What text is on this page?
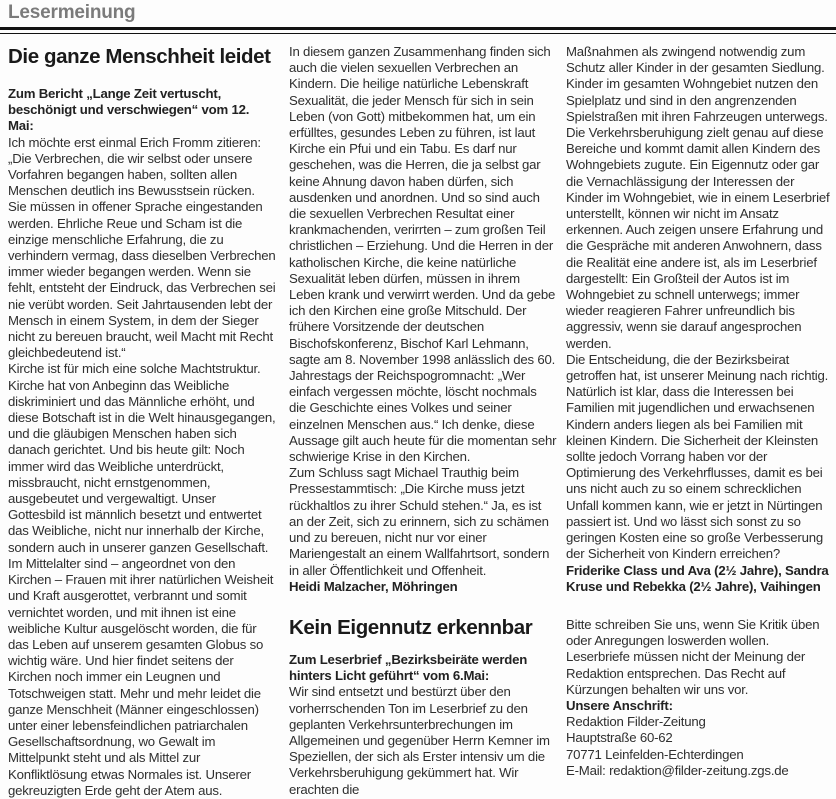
Lesermeinung
Die ganze Menschheit leidet

Zum Bericht „Lange Zeit vertuscht, beschönigt und verschwiegen“ vom 12. Mai:

Ich möchte erst einmal Erich Fromm zitieren: „Die Verbrechen, die wir selbst oder unsere Vorfahren begangen haben, sollten allen Menschen deutlich ins Bewusstsein rücken. Sie müssen in offener Sprache eingestanden werden. Ehrliche Reue und Scham ist die einzige menschliche Erfahrung, die zu verhindern vermag, dass dieselben Verbrechen immer wieder begangen werden. Wenn sie fehlt, entsteht der Eindruck, das Verbrechen sei nie verübt worden. Seit Jahrtausenden lebt der Mensch in einem System, in dem der Sieger nicht zu bereuen braucht, weil Macht mit Recht gleichbedeutend ist.“

Kirche ist für mich eine solche Machtstruktur. Kirche hat von Anbeginn das Weibliche diskriminiert und das Männliche erhöht, und diese Botschaft ist in die Welt hinausgegangen, und die gläubigen Menschen haben sich danach gerichtet. Und bis heute gilt: Noch immer wird das Weibliche unterdrückt, missbraucht, nicht ernstgenommen, ausgebeutet und vergewaltigt. Unser Gottesbild ist männlich besetzt und entwertet das Weibliche, nicht nur innerhalb der Kirche, sondern auch in unserer ganzen Gesellschaft.

Im Mittelalter sind – angeordnet von den Kirchen – Frauen mit ihrer natürlichen Weisheit und Kraft ausgerottet, verbrannt und somit vernichtet worden, und mit ihnen ist eine weibliche Kultur ausgelöscht worden, die für das Leben auf unserem gesamten Globus so wichtig wäre. Und hier findet seitens der Kirchen noch immer ein Leugnen und Totschweigen statt. Mehr und mehr leidet die ganze Menschheit (Männer eingeschlossen) unter einer lebensfeindlichen patriarchalen Gesellschaftsordnung, wo Gewalt im Mittelpunkt steht und als Mittel zur Konfliktlösung etwas Normales ist. Unserer gekreuzigten Erde geht der Atem aus.

In diesem ganzen Zusammenhang finden sich auch die vielen sexuellen Verbrechen an Kindern. Die heilige natürliche Lebenskraft Sexualität, die jeder Mensch für sich in sein Leben (von Gott) mitbekommen hat, um ein erfülltes, gesundes Leben zu führen, ist laut Kirche ein Pfui und ein Tabu. Es darf nur geschehen, was die Herren, die ja selbst gar keine Ahnung davon haben dürfen, sich ausdenken und anordnen. Und so sind auch die sexuellen Verbrechen Resultat einer krankmachenden, verirrten – zum großen Teil christlichen – Erziehung. Und die Herren in der katholischen Kirche, die keine natürliche Sexualität leben dürfen, müssen in ihrem Leben krank und verwirrt werden. Und da gebe ich den Kirchen eine große Mitschuld. Der frühere Vorsitzende der deutschen Bischofskonferenz, Bischof Karl Lehmann, sagte am 8. November 1998 anlässlich des 60. Jahrestags der Reichspogromnacht: „Wer einfach vergessen möchte, löscht nochmals die Geschichte eines Volkes und seiner einzelnen Menschen aus.“ Ich denke, diese Aussage gilt auch heute für die momentan sehr schwierige Krise in den Kirchen.

Zum Schluss sagt Michael Trauthig beim Pressestammtisch: „Die Kirche muss jetzt rückhaltlos zu ihrer Schuld stehen.“ Ja, es ist an der Zeit, sich zu erinnern, sich zu schämen und zu bereuen, nicht nur vor einer Mariengestalt an einem Wallfahrtsort, sondern in aller Öffentlichkeit und Offenheit.

Heidi Malzacher, Möhringen

Kein Eigennutz erkennbar

Zum Leserbrief „Bezirksbeiräte werden hinters Licht geführt“ vom 6.Mai:

Wir sind entsetzt und bestürzt über den vorherrschenden Ton im Leserbrief zu den geplanten Verkehrsunterbrechungen im Allgemeinen und gegenüber Herrn Kemner im Speziellen, der sich als Erster intensiv um die Verkehrsberuhigung gekümmert hat. Wir erachten die

Maßnahmen als zwingend notwendig zum Schutz aller Kinder in der gesamten Siedlung. Kinder im gesamten Wohngebiet nutzen den Spielplatz und sind in den angrenzenden Spielstraßen mit ihren Fahrzeugen unterwegs. Die Verkehrsberuhigung zielt genau auf diese Bereiche und kommt damit allen Kindern des Wohngebiets zugute. Ein Eigennutz oder gar die Vernachlässigung der Interessen der Kinder im Wohngebiet, wie in einem Leserbrief unterstellt, können wir nicht im Ansatz erkennen. Auch zeigen unsere Erfahrung und die Gespräche mit anderen Anwohnern, dass die Realität eine andere ist, als im Leserbrief dargestellt: Ein Großteil der Autos ist im Wohngebiet zu schnell unterwegs; immer wieder reagieren Fahrer unfreundlich bis aggressiv, wenn sie darauf angesprochen werden.

Die Entscheidung, die der Bezirksbeirat getroffen hat, ist unserer Meinung nach richtig. Natürlich ist klar, dass die Interessen bei Familien mit jugendlichen und erwachsenen Kindern anders liegen als bei Familien mit kleinen Kindern. Die Sicherheit der Kleinsten sollte jedoch Vorrang haben vor der Optimierung des Verkehrflusses, damit es bei uns nicht auch zu so einem schrecklichen Unfall kommen kann, wie er jetzt in Nürtingen passiert ist. Und wo lässt sich sonst zu so geringen Kosten eine so große Verbesserung der Sicherheit von Kindern erreichen?

Friderike Class und Ava (2½ Jahre), Sandra Kruse und Rebekka (2½ Jahre), Vaihingen

Bitte schreiben Sie uns, wenn Sie Kritik üben oder Anregungen loswerden wollen. Leserbriefe müssen nicht der Meinung der Redaktion entsprechen. Das Recht auf Kürzungen behalten wir uns vor.

Unsere Anschrift:

Redaktion Filder-Zeitung

Hauptstraße 60-62

70771 Leinfelden-Echterdingen

E-Mail: redaktion@filder-zeitung.zgs.de
